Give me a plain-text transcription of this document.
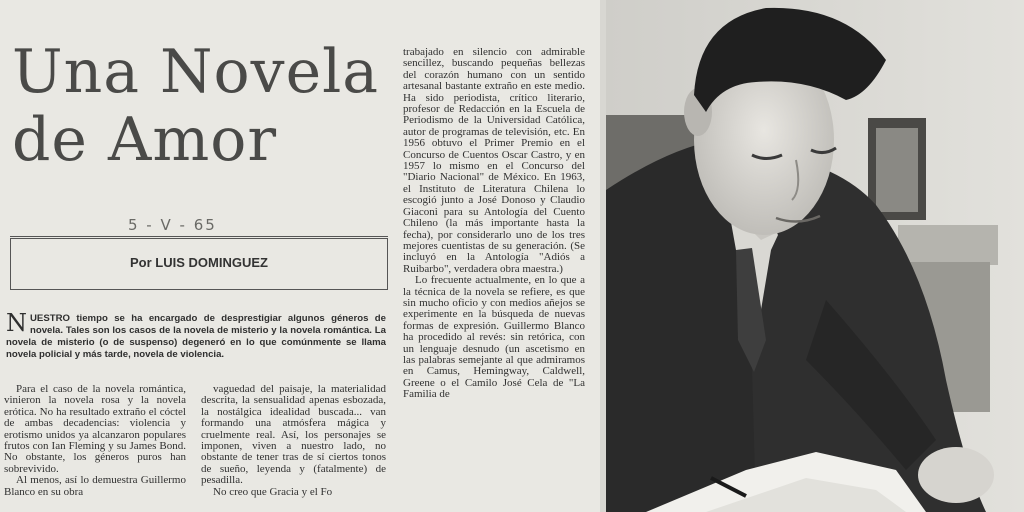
Una Novela
de Amor
5 - V - 65
Por LUIS DOMINGUEZ
NUESTRO tiempo se ha encargado de desprestigiar algunos géneros de novela. Tales son los casos de la novela de misterio y la novela romántica. La novela de misterio (o de suspenso) degeneró en lo que comúnmente se llama novela policial y más tarde, novela de violencia.

Para el caso de la novela romántica, vinieron la novela rosa y la novela erótica. No ha resultado extraño el cóctel de ambas decadencias: violencia y erotismo unidos ya alcanzaron populares frutos con Ian Fleming y su James Bond. No obstante, los géneros puros han sobrevivido.

Al menos, así lo demuestra Guillermo Blanco en su obra

vaguedad del paisaje, la materialidad descrita, la sensualidad apenas esbozada, la nostálgica idealidad buscada... van formando una atmósfera mágica y cruelmente real. Así, los personajes se imponen, viven a nuestro lado, no obstante de tener tras de sí ciertos tonos de sueño, leyenda y (fatalmente) de pesadilla.

No creo que Gracia y el Fo

trabajado en silencio con admirable sencillez, buscando pequeñas bellezas del corazón humano con un sentido artesanal bastante extraño en este medio. Ha sido periodista, crítico literario, profesor de Redacción en la Escuela de Periodismo de la Universidad Católica, autor de programas de televisión, etc. En 1956 obtuvo el Primer Premio en el Concurso de Cuentos Oscar Castro, y en 1957 lo mismo en el Concurso del "Diario Nacional" de México. En 1963, el Instituto de Literatura Chilena lo escogió junto a José Donoso y Claudio Giaconi para su Antología del Cuento Chileno (la más importante hasta la fecha), por considerarlo uno de los tres mejores cuentistas de su generación. (Se incluyó en la Antología "Adiós a Ruibarbo", verdadera obra maestra.)

Lo frecuente actualmente, en lo que a la técnica de la novela se refiere, es que sin mucho oficio y con medios añejos se experimente en la búsqueda de nuevas formas de expresión. Guillermo Blanco ha procedido al revés: sin retórica, con un lenguaje desnudo (un ascetismo en las palabras semejante al que admiramos en Camus, Hemingway, Caldwell, Greene o el Camilo José Cela de "La Familia de
